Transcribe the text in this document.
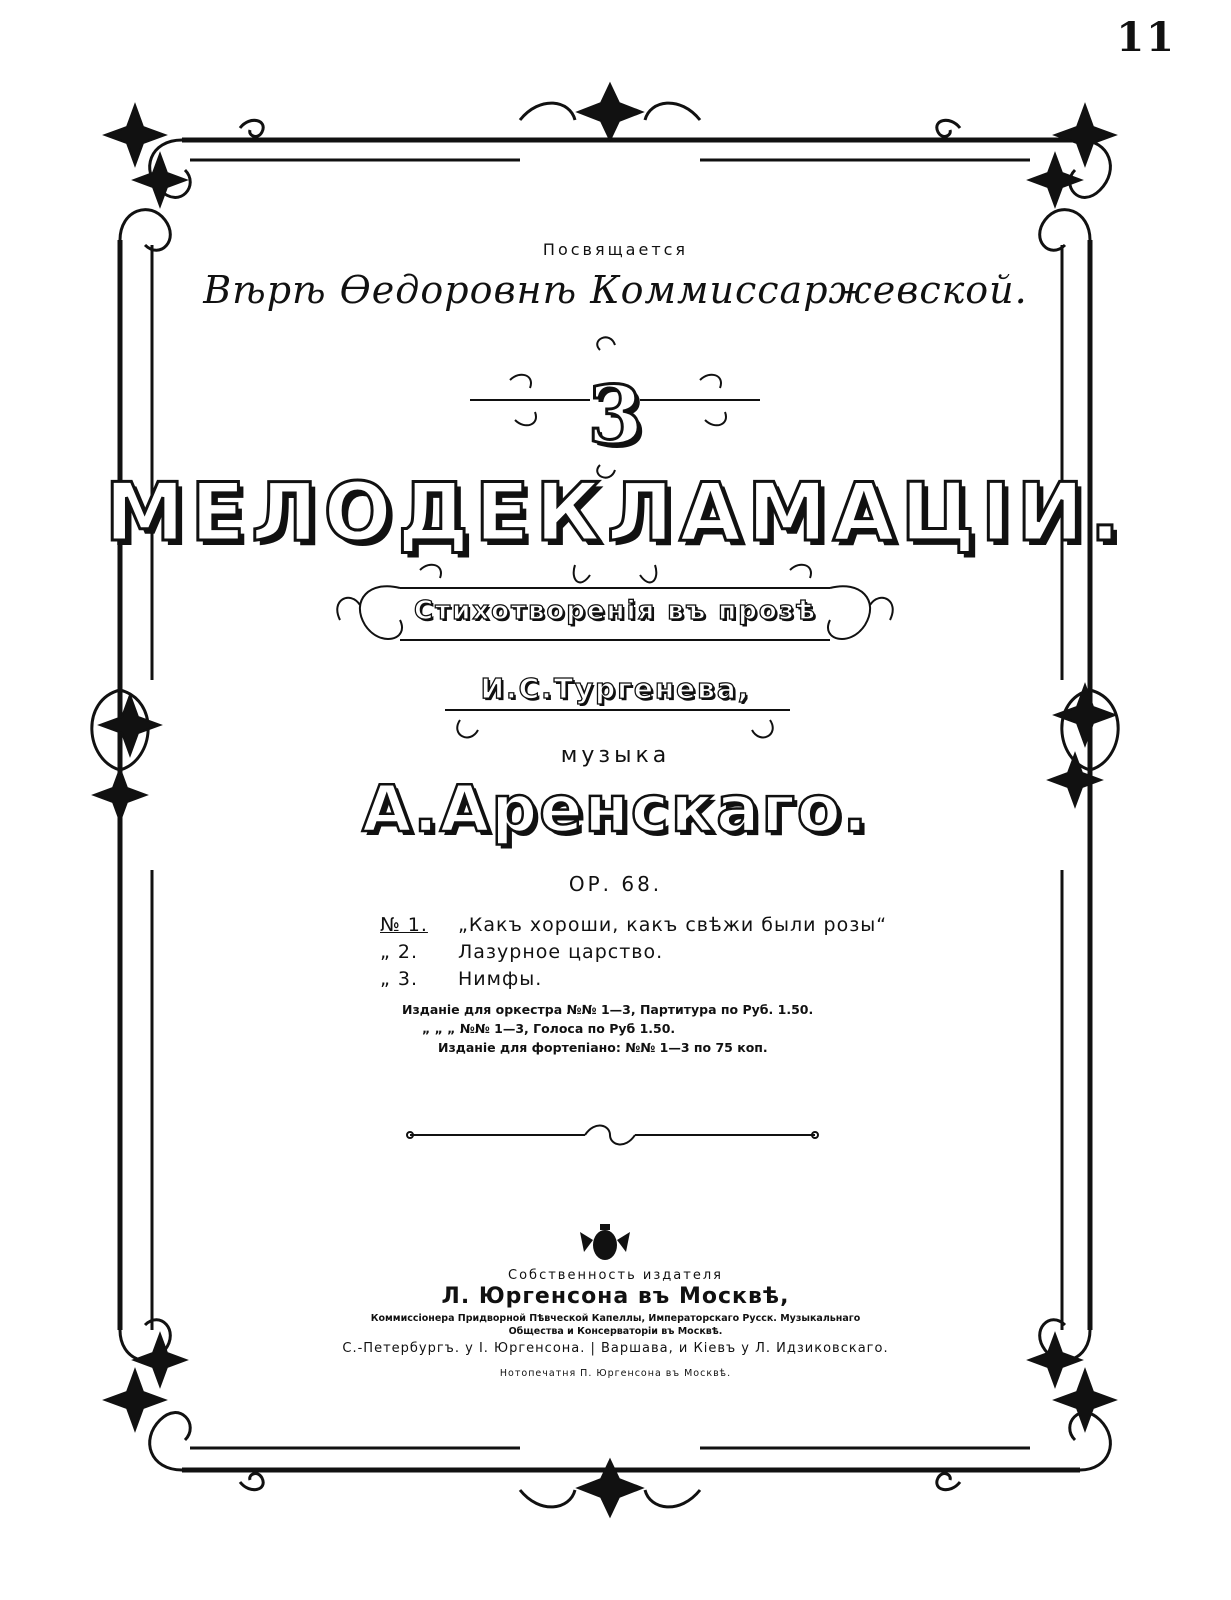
11
Посвящается
Вѣрѣ Ѳедоровнѣ Коммиссаржевской.
3
МЕЛОДЕКЛАМАЦІИ.
Стихотворенія въ прозѣ
И.С.Тургенева,
музыка
А.Аренскаго.
ОР. 68.
№ 1. „Какъ хороши, какъ свѣжи были розы“
„ 2. Лазурное царство.
„ 3. Нимфы.
Изданіе для оркестра №№ 1—3, Партитура по Руб. 1.50.
„ „ „ №№ 1—3, Голоса по Руб 1.50.
Изданіе для фортепіано: №№ 1—3 по 75 коп.
Собственность издателя
Л. Юргенсона въ Москвѣ,
Коммиссіонера Придворной Пѣвческой Капеллы, Императорскаго Русск. Музыкальнаго
Общества и Консерваторіи въ Москвѣ.
С.-Петербургъ. у І. Юргенсона. | Варшава, и Кіевъ у Л. Идзиковскаго.
Нотопечатня П. Юргенсона въ Москвѣ.
